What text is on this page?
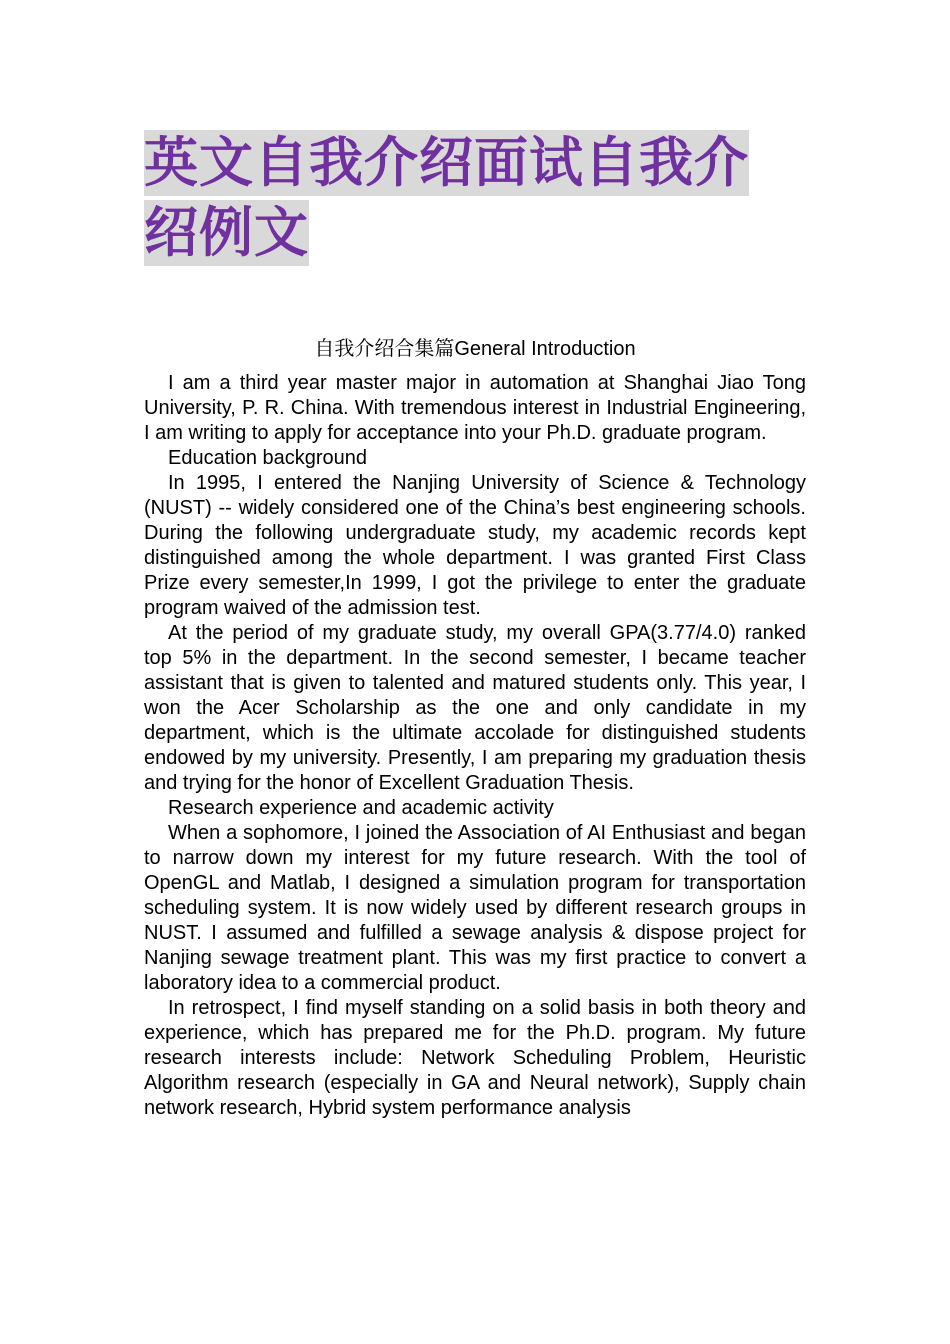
英文自我介绍面试自我介
绍例文
自我介绍合集篇General Introduction

I am a third year master major in automation at Shanghai Jiao Tong University, P. R. China. With tremendous interest in Industrial Engineering, I am writing to apply for acceptance into your Ph.D. graduate program.

Education background

In 1995, I entered the Nanjing University of Science & Technology (NUST) -- widely considered one of the China’s best engineering schools. During the following undergraduate study, my academic records kept distinguished among the whole department. I was granted First Class Prize every semester,In 1999, I got the privilege to enter the graduate program waived of the admission test.

At the period of my graduate study, my overall GPA(3.77/4.0) ranked top 5% in the department. In the second semester, I became teacher assistant that is given to talented and matured students only. This year, I won the Acer Scholarship as the one and only candidate in my department, which is the ultimate accolade for distinguished students endowed by my university. Presently, I am preparing my graduation thesis and trying for the honor of Excellent Graduation Thesis.

Research experience and academic activity

When a sophomore, I joined the Association of AI Enthusiast and began to narrow down my interest for my future research. With the tool of OpenGL and Matlab, I designed a simulation program for transportation scheduling system. It is now widely used by different research groups in NUST. I assumed and fulfilled a sewage analysis & dispose project for Nanjing sewage treatment plant. This was my first practice to convert a laboratory idea to a commercial product.

In retrospect, I find myself standing on a solid basis in both theory and experience, which has prepared me for the Ph.D. program. My future research interests include: Network Scheduling Problem, Heuristic Algorithm research (especially in GA and Neural network), Supply chain network research, Hybrid system performance analysis
